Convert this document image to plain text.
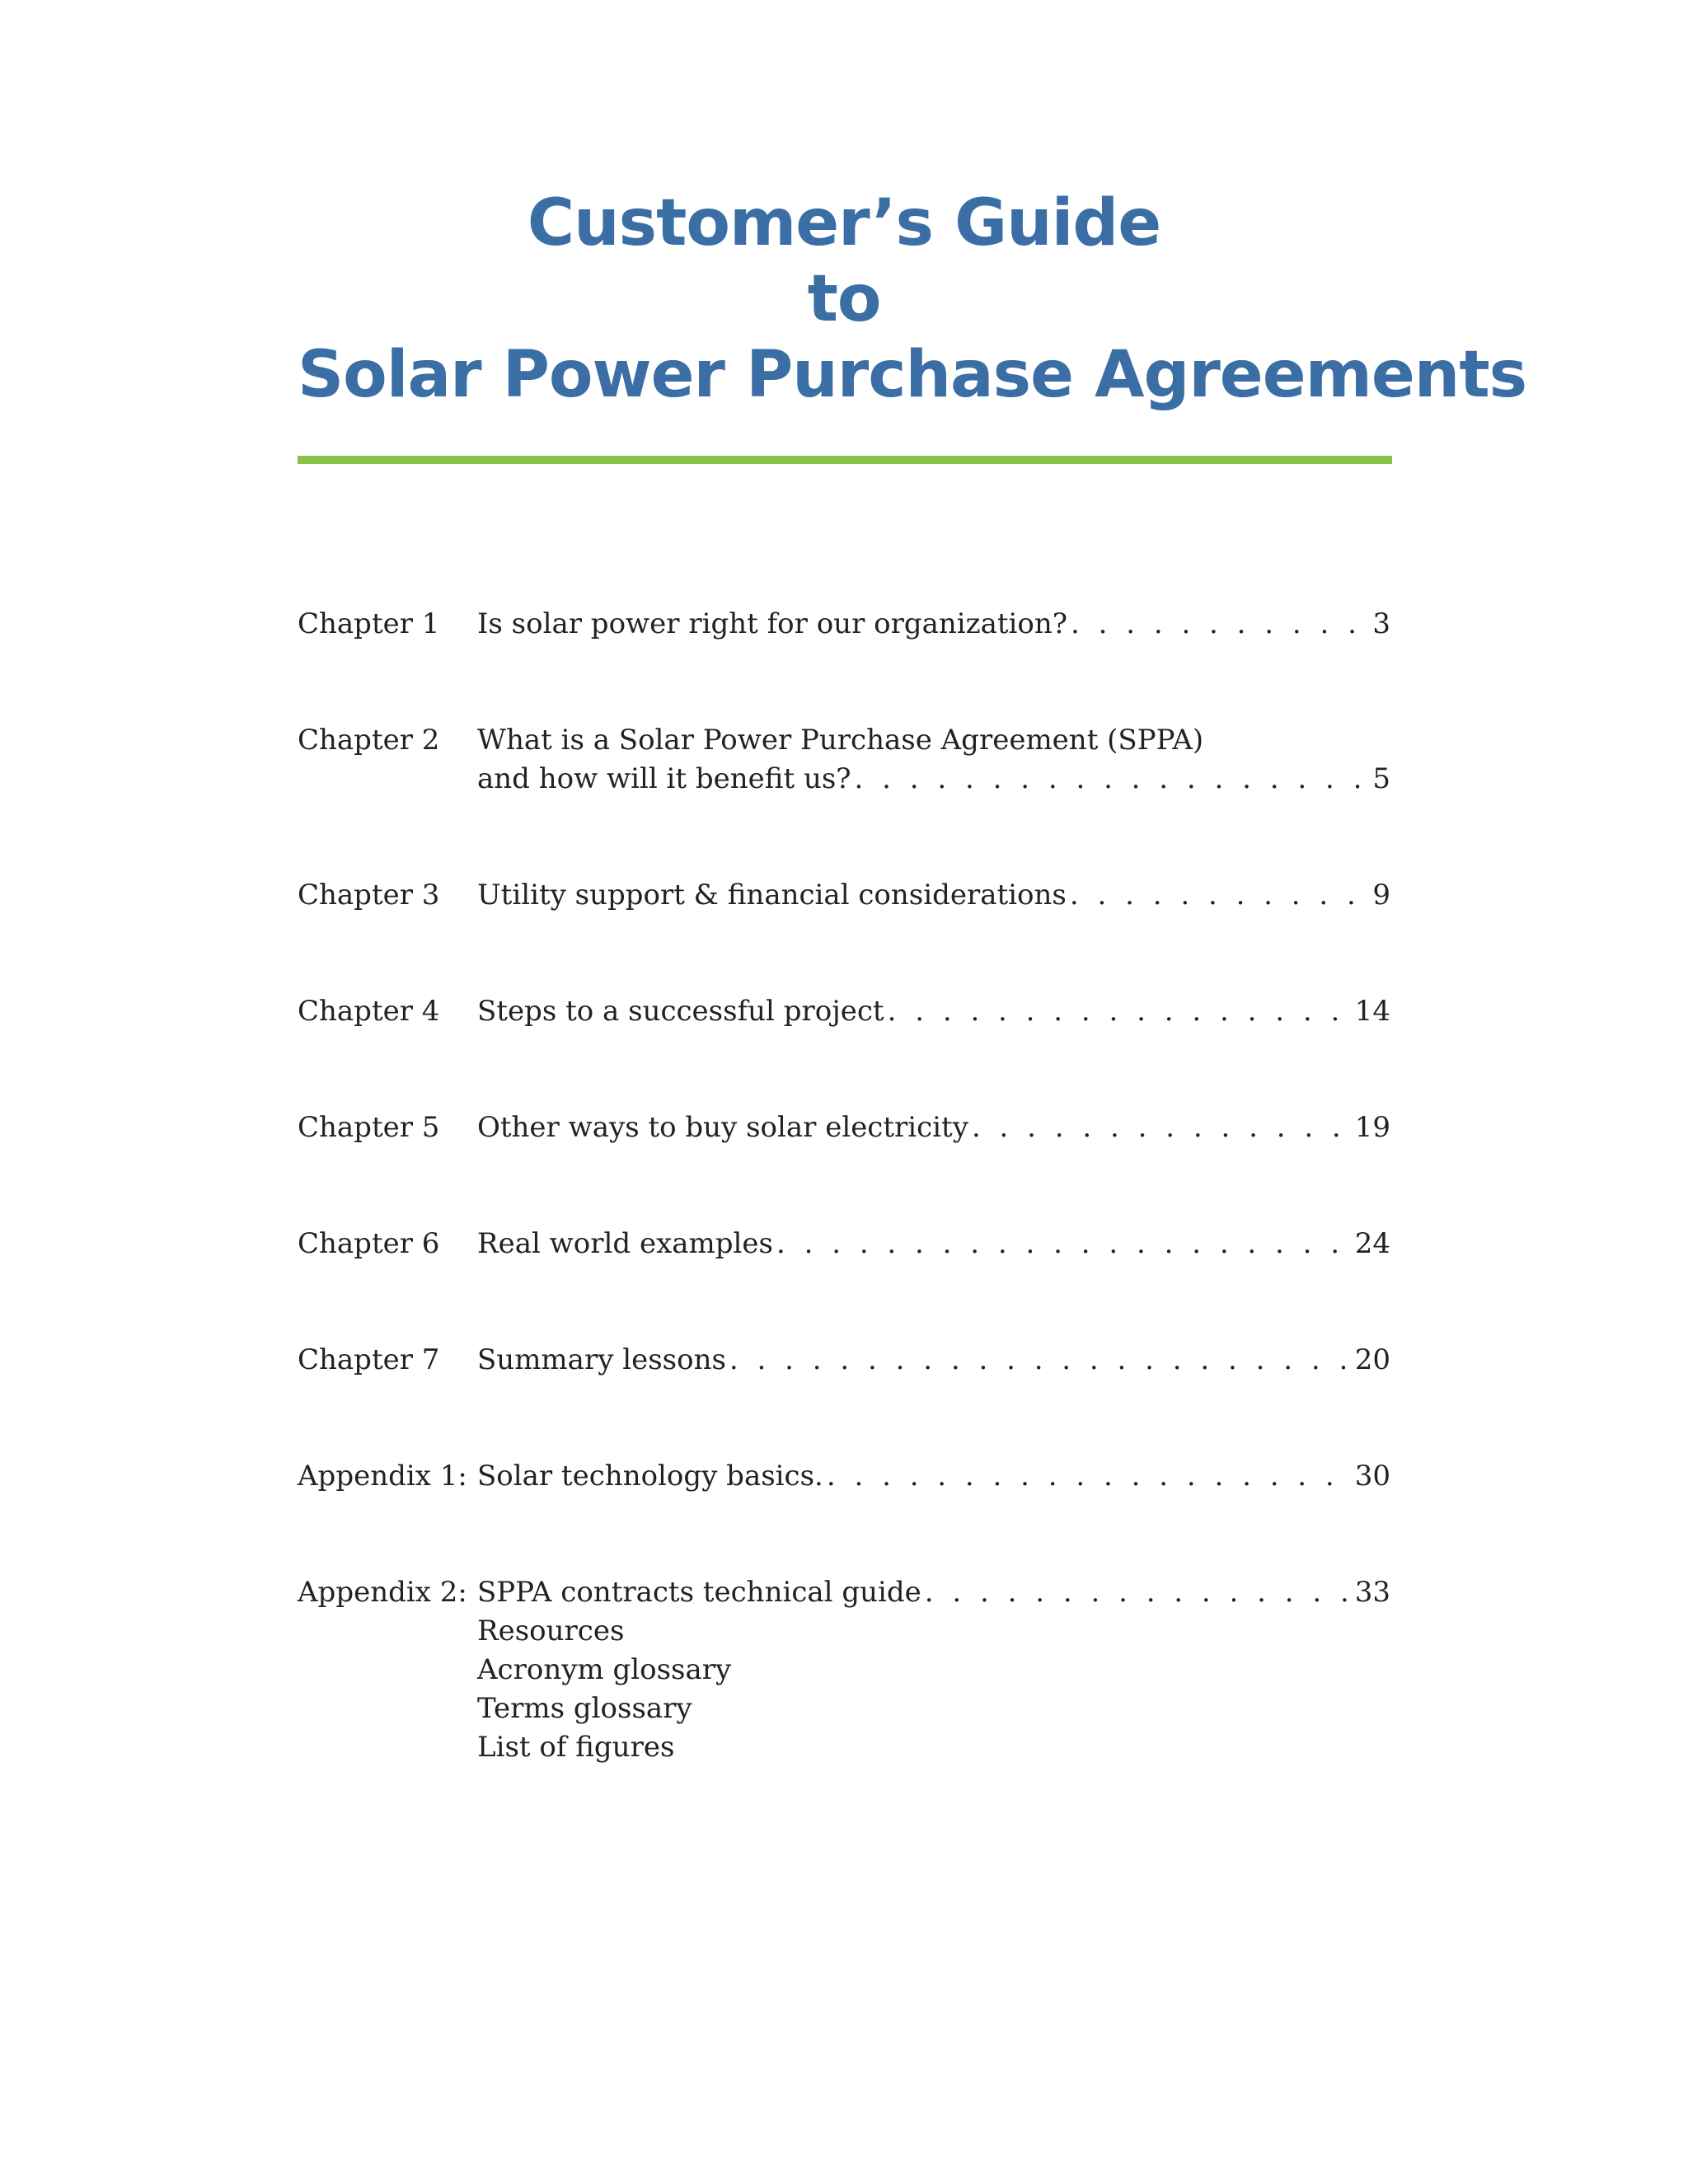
Customer’s Guide
to
Solar Power Purchase Agreements
Chapter 1 Is solar power right for our organization? . . .	3
Chapter 2 What is a Solar Power Purchase Agreement (SPPA)
and how will it benefit us? . . .	5
Chapter 3 Utility support & financial considerations . . .	9
Chapter 4 Steps to a successful project . . .	14
Chapter 5 Other ways to buy solar electricity . . .	19
Chapter 6 Real world examples . . .	24
Chapter 7 Summary lessons . . .	20
Appendix 1: Solar technology basics. . . .	30
Appendix 2: SPPA contracts technical guide . . .	33
Resources
Acronym glossary
Terms glossary
List of figures
